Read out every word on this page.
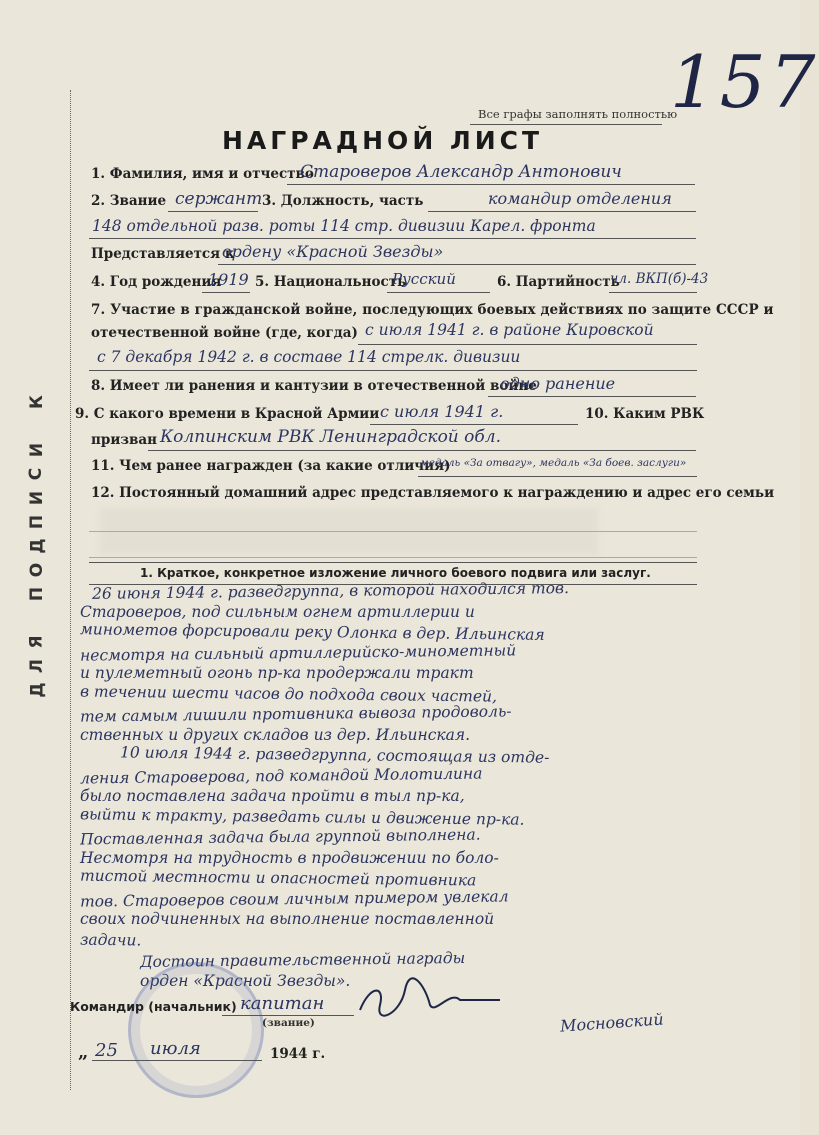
Д
Л
Я
П
О
Д
П
И
С
И
К
Все графы заполнять полностью
157
НАГРАДНОЙ ЛИСТ
1. Фамилия, имя и отчество
Староверов Александр Антонович
2. Звание сержант 3. Должность, часть	командир отделения
148 отдельной разв. роты 114 стр. дивизии Карел. фронта
Представляется к
ордену «Красной Звезды»
4. Год рождения
1919 5. Национальность
Русский	6. Партийность
чл. ВКП(б)-43
7. Участие в гражданской войне, последующих боевых действиях по защите СССР и
отечественной войне (где, когда) с июля 1941 г. в районе Кировской
с 7 декабря 1942 г. в составе 114 стрелк. дивизии
8. Имеет ли ранения и кантузии в отечественной войне
одно ранение
9. С какого времени в Красной Армии с июля 1941 г.	10. Каким РВК
призван Колпинским РВК Ленинградской обл.
11. Чем ранее награжден (за какие отличия)
медаль «За отвагу», медаль «За боев. заслуги»
12. Постоянный домашний адрес представляемого к награждению и адрес его семьи
1. Краткое, конкретное изложение личного боевого подвига или заслуг.
26 июня 1944 г. разведгруппа, в которой находился тов.
Староверов, под сильным огнем артиллерии и
минометов форсировали реку Олонка в дер. Ильинская
несмотря на сильный артиллерийско-минометный
и пулеметный огонь пр-ка продержали тракт
в течении шести часов до подхода своих частей,
тем самым лишили противника вывоза продоволь-
ственных и других складов из дер. Ильинская.
10 июля 1944 г. разведгруппа, состоящая из отде-
ления Староверова, под командой Молотилина
было поставлена задача пройти в тыл пр-ка,
выйти к тракту, разведать силы и движение пр-ка.
Поставленная задача была группой выполнена.
Несмотря на трудность в продвижении по боло-
тистой местности и опасностей противника
тов. Староверов своим личным примером увлекал
своих подчиненных на выполнение поставленной
задачи.
Достоин правительственной награды
орден «Красной Звезды».
Командир (начальник) капитан
(звание)	Мосновский
„ 25 июля	1944 г.
